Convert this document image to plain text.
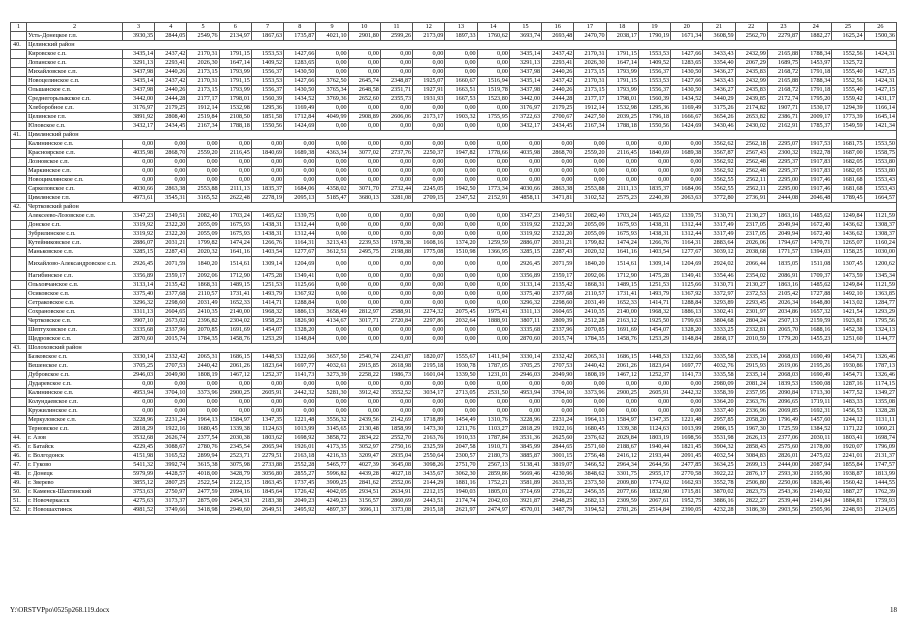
1	2	3	4	5	6	7	8	9	10	11	12	13	14	15	16	17	18	19	20	21	22	23	24	25	26
	Усть-Донецкое г.п.	3930,35	2844,05	2549,76	2134,97	1867,63	1735,87	4021,10	2901,80	2599,26	2173,09	1897,33	1760,62	3693,74	2693,48	2470,70	2038,17	1790,19	1671,34	3608,59	2562,70	2279,87	1882,27	1625,24	1500,36
40.	Целинский район																								
	Кировское с.п.	3435,14	2437,42	2170,31	1791,15	1553,53	1427,66	0,00	0,00	0,00	0,00	0,00	0,00	3435,14	2437,42	2170,31	1791,15	1553,53	1427,66	3433,43	2432,99	2165,88	1788,34	1552,56	1424,31
	Лопанское с.п.	3291,13	2293,41	2026,30	1647,14	1409,52	1283,65	0,00	0,00	0,00	0,00	0,00	0,00	3291,13	2293,41	2026,30	1647,14	1409,52	1283,65	3354,40	2067,29	1689,75	1453,97	1325,72	
	Михайловское с.п.	3437,98	2440,26	2173,15	1793,99	1556,37	1430,50	0,00	0,00	0,00	0,00	0,00	0,00	3437,98	2440,26	2173,15	1793,99	1556,37	1430,50	3436,27	2435,83	2168,72	1791,18	1555,40	1427,15
	Новоцелинское с.п.	3435,14	2437,42	2170,31	1791,15	1553,53	1427,66	3762,50	2645,74	2348,87	1925,07	1660,67	1516,94	3435,14	2437,42	2170,31	1791,15	1553,53	1427,66	3433,43	2432,99	2165,88	1788,34	1552,56	1424,31
	Ольшанское с.п.	3437,98	2440,26	2173,15	1793,99	1556,37	1430,50	3765,34	2648,58	2351,71	1927,91	1663,51	1519,78	3437,98	2440,26	2173,15	1793,99	1556,37	1430,50	3436,27	2435,83	2168,72	1791,18	1555,40	1427,15
	Среднегорьлыкское с.п.	3442,00	2444,28	2177,17	1798,01	1560,39	1434,52	3769,36	2652,60	2355,73	1931,93	1667,53	1523,80	3442,00	2444,28	2177,17	1798,01	1560,39	1434,52	3440,29	2439,85	2172,74	1795,20	1559,42	1431,17
	Хлеборобное с.п.	3176,97	2179,25	1912,14	1532,98	1295,36	1169,49	0,00	0,00	0,00	0,00	0,00	0,00	3176,97	2179,25	1912,14	1532,98	1295,36	1169,49	3175,26	2174,82	1907,71	1530,17	1294,39	1166,14
	Целинское г.п.	3891,92	2808,40	2519,84	2108,50	1851,58	1712,84	4049,99	2908,89	2606,06	2173,17	1903,32	1755,95	3722,63	2700,67	2427,50	2039,25	1796,18	1666,67	3654,26	2653,82	2386,71	2009,17	1773,39	1645,14
	Юловское с.п.	3432,17	2434,45	2167,34	1788,18	1550,56	1424,69	0,00	0,00	0,00	0,00	0,00	0,00	3432,17	2434,45	2167,34	1788,18	1550,56	1424,69	3430,46	2430,02	2162,91	1785,37	1549,59	1421,34
41.	Цимлянский район																								
	Калининское с.п.	0,00	0,00	0,00	0,00	0,00	0,00	0,00	0,00	0,00	0,00	0,00	0,00	0,00	0,00	0,00	0,00	0,00	0,00	3562,62	2562,18	2295,07	1917,53	1681,75	1553,50
	Красноярское с.п.	4035,98	2868,70	2559,20	2116,45	1840,69	1689,38	4363,34	3077,02	2737,76	2250,37	1947,82	1778,66	4035,98	2868,70	2559,20	2116,45	1840,69	1689,38	3567,87	2567,43	2300,32	1922,78	1687,00	1558,75
	Лозновское с.п.	0,00	0,00	0,00	0,00	0,00	0,00	0,00	0,00	0,00	0,00	0,00	0,00	0,00	0,00	0,00	0,00	0,00	0,00	3562,92	2562,48	2295,37	1917,83	1682,05	1553,80
	Маркинское с.п.	0,00	0,00	0,00	0,00	0,00	0,00	0,00	0,00	0,00	0,00	0,00	0,00	0,00	0,00	0,00	0,00	0,00	0,00	3562,92	2562,48	2295,37	1917,83	1682,05	1553,80
	Новоцимлянское с.п.	0,00	0,00	0,00	0,00	0,00	0,00	0,00	0,00	0,00	0,00	0,00	0,00	0,00	0,00	0,00	0,00	0,00	0,00	3562,55	2562,11	2295,00	1917,46	1681,68	1553,43
	Саркеловское с.п.	4030,66	2863,38	2553,88	2111,13	1835,37	1684,06	4358,02	3071,70	2732,44	2245,05	1942,50	1773,34	4030,66	2863,38	2553,88	2111,13	1835,37	1684,06	3562,55	2562,11	2295,00	1917,46	1681,68	1553,43
	Цимлянское г.п.	4973,61	3545,31	3165,52	2622,48	2278,19	2095,13	5185,47	3680,13	3281,08	2709,15	2347,52	2152,91	4858,11	3471,81	3102,52	2575,23	2240,39	2063,63	3772,80	2736,91	2444,08	2046,48	1789,45	1664,57
42.	Чертковский район																								
	Алексеево-Лозовское с.п.	3347,23	2349,51	2082,40	1703,24	1465,62	1339,75	0,00	0,00	0,00	0,00	0,00	0,00	3347,23	2349,51	2082,40	1703,24	1465,62	1339,75	3130,71	2130,27	1863,16	1485,62	1249,84	1121,59
	Донское с.п.	3319,92	2322,20	2055,09	1675,93	1438,31	1312,44	0,00	0,00	0,00	0,00	0,00	0,00	3319,92	2322,20	2055,09	1675,93	1438,31	1312,44	3317,49	2317,05	2049,94	1672,40	1436,62	1308,37
	Зубрилинское с.п.	3319,92	2322,20	2055,09	1675,93	1438,31	1312,44	0,00	0,00	0,00	0,00	0,00	0,00	3319,92	2322,20	2055,09	1675,93	1438,31	1312,44	3317,49	2317,05	2049,94	1672,40	1436,62	1308,37
	Кутейниковское с.п.	2886,07	2031,21	1799,82	1474,24	1266,76	1164,31	3213,43	2239,53	1978,38	1608,16	1374,20	1259,59	2886,07	2031,21	1799,82	1474,24	1266,76	1164,31	2883,64	2026,06	1794,67	1470,71	1265,07	1160,24
	Маньковское с.п.	3285,15	2287,43	2020,32	1641,16	1403,54	1277,67	3612,51	2495,75	2198,88	1775,08	1510,98	1366,95	3285,15	2287,43	2020,32	1641,16	1403,54	1277,67	3039,12	2038,68	1771,57	1394,03	1158,25	1030,00
	Михайлово-Александровское с.п.	2926,45	2071,59	1840,20	1514,61	1309,14	1204,69	0,00	0,00	0,00	0,00	0,00	0,00	2926,45	2071,59	1840,20	1514,61	1309,14	1204,69	2924,02	2066,44	1835,05	1511,08	1307,45	1200,62
	Нагибинское с.п.	3356,89	2359,17	2092,06	1712,90	1475,28	1349,41	0,00	0,00	0,00	0,00	0,00	0,00	3356,89	2359,17	2092,06	1712,90	1475,28	1349,41	3354,46	2354,02	2086,91	1709,37	1473,59	1345,34
	Ольховчанское с.п.	3133,14	2135,42	1868,31	1489,15	1251,53	1125,66	0,00	0,00	0,00	0,00	0,00	0,00	3133,14	2135,42	1868,31	1489,15	1251,53	1125,66	3130,71	2130,27	1863,16	1485,62	1249,84	1121,59
	Осиковское с.п.	3375,40	2377,68	2110,57	1731,41	1493,79	1367,92	0,00	0,00	0,00	0,00	0,00	0,00	3375,40	2377,68	2110,57	1731,41	1493,79	1367,92	3372,97	2372,53	2105,42	1727,88	1492,10	1363,85
	Сетраковское с.п.	3296,32	2298,60	2031,49	1652,33	1414,71	1288,84	0,00	0,00	0,00	0,00	0,00	0,00	3296,32	2298,60	2031,49	1652,33	1414,71	1288,84	3293,89	2293,45	2026,34	1648,80	1413,02	1284,77
	Сохрановское с.п.	3311,13	2604,65	2410,35	2140,00	1968,32	1886,13	3658,49	2812,97	2588,91	2274,32	2075,45	1975,41	3311,13	2604,65	2410,35	2140,00	1968,32	1886,13	3302,41	2301,97	2034,86	1657,32	1421,54	1293,29
	Чертковское с.п.	3907,10	2673,02	2396,82	2304,02	1958,23	1826,90	4134,67	3017,71	2720,84	2297,86	2032,64	1888,91	3807,11	2809,39	2512,28	2163,12	1925,50	1799,63	3804,68	2804,24	2507,13	2159,59	1923,81	1795,56
	Шептуховское с.п.	3335,68	2337,96	2070,85	1691,69	1454,07	1328,20	0,00	0,00	0,00	0,00	0,00	0,00	3335,68	2337,96	2070,85	1691,69	1454,07	1328,20	3333,25	2332,81	2065,70	1688,16	1452,38	1324,13
	Щедровское с.п.	2870,60	2015,74	1784,35	1458,76	1253,29	1148,84	0,00	0,00	0,00	0,00	0,00	0,00	2870,60	2015,74	1784,35	1458,76	1253,29	1148,84	2868,17	2010,59	1779,20	1455,23	1251,60	1144,77
43.	Шолоховский район																								
	Базковское с.п.	3330,14	2332,42	2065,31	1686,15	1448,53	1322,66	3657,50	2540,74	2243,87	1820,07	1555,67	1411,94	3330,14	2332,42	2065,31	1686,15	1448,53	1322,66	3335,58	2335,14	2068,03	1690,49	1454,71	1326,46
	Вешенское с.п.	3705,25	2707,53	2440,42	2061,26	1823,64	1697,77	4032,61	2915,85	2618,98	2195,18	1930,78	1787,05	3705,25	2707,53	2440,42	2061,26	1823,64	1697,77	4032,76	2915,93	2619,06	2195,26	1930,86	1787,13
	Дубровское с.п.	2946,03	2049,90	1808,19	1467,12	1252,37	1141,73	3273,39	2258,22	1986,73	1601,04	1339,50	1231,01	2946,03	2049,90	1808,19	1467,12	1252,37	1141,73	3335,58	2335,14	2068,03	1690,49	1454,71	1326,46
	Дударевское с.п.	0,00	0,00	0,00	0,00	0,00	0,00	0,00	0,00	0,00	0,00	0,00	0,00	0,00	0,00	0,00	0,00	0,00	0,00	2980,09	2081,24	1839,53	1500,08	1287,16	1174,15
	Калининское с.п.	4953,94	3704,10	3373,96	2900,25	2605,91	2442,32	5281,30	3912,42	3552,52	3034,17	2713,05	2531,50	4953,94	3704,10	3373,96	2900,25	2605,91	2442,32	3358,39	2357,95	2090,84	1713,30	1477,52	1349,27
	Колундаевское с.п.	0,00	0,00	0,00	0,00	0,00	0,00	0,00	0,00	0,00	0,00	0,00	0,00	0,00	0,00	0,00	0,00	0,00	0,00	3364,20	2363,76	2096,65	1719,11	1483,33	1355,08
	Кружилинское с.п.	0,00	0,00	0,00	0,00	0,00	0,00	0,00	0,00	0,00	0,00	0,00	0,00	0,00	0,00	0,00	0,00	0,00	0,00	3337,40	2336,96	2069,85	1692,31	1456,53	1328,28
	Меркуловское с.п.	3228,96	2231,24	1964,13	1584,97	1347,35	1221,48	3556,32	2439,56	2142,69	1718,89	1454,49	1310,76	3228,96	2231,24	1964,13	1584,97	1347,35	1221,48	2957,85	2058,20	1796,49	1457,60	1244,12	1131,11
	Терновское с.п.	2818,29	1922,16	1680,45	1339,38	1124,63	1013,99	3145,65	2130,48	1858,99	1473,30	1211,76	1103,27	2818,29	1922,16	1680,45	1339,38	1124,63	1013,99	2986,15	1967,30	1725,59	1384,52	1171,22	1060,21
44.	г. Азов	3532,68	2626,74	2377,54	2030,38	1803,62	1698,92	3858,72	2834,22	2552,70	2163,76	1910,33	1787,84	3531,36	2625,60	2376,62	2029,84	1803,19	1698,56	3531,98	2626,13	2377,06	2030,11	1803,41	1698,74
45.	г. Батайск	4229,45	3088,67	2780,76	2345,54	2065,94	1926,01	4173,35	3052,97	2750,16	2325,59	2047,58	1910,71	3845,99	2844,65	2571,60	2188,67	1940,44	1821,45	3904,32	2858,43	2575,60	2178,00	1920,07	1796,09
46.	г. Волгодонск	4151,98	3165,52	2899,94	2523,71	2279,51	2163,18	4216,33	3209,47	2935,04	2550,64	2300,57	2180,73	3885,87	3001,15	2756,48	2416,12	2193,44	2091,45	4032,54	3084,83	2826,01	2475,02	2241,01	2131,37
47.	г. Гуково	5411,32	3992,74	3615,38	3075,98	2733,88	2552,28	5465,77	4027,39	3645,08	3098,26	2751,70	2567,13	5138,41	3819,07	3466,52	2964,34	2644,56	2477,85	3634,25	2699,13	2444,00	2087,94	1855,84	1747,57
48.	г. Донецк	5979,99	4428,57	4018,00	3428,79	3056,80	2855,27	5996,82	4439,28	4027,18	3435,67	3062,30	2859,86	5669,46	4230,96	3848,62	3301,75	2955,17	2770,58	3922,22	2876,17	2593,30	2195,90	1938,87	1813,99
49.	г. Зверево	3855,12	2807,25	2522,54	2122,15	1863,45	1737,45	3909,25	2841,62	2552,06	2144,29	1881,16	1752,21	3581,89	2633,35	2373,50	2009,80	1774,02	1662,93	3552,78	2506,80	2250,06	1826,46	1560,42	1444,55
50.	г. Каменск-Шахтинский	3753,63	2750,97	2477,59	2094,16	1845,64	1726,42	4042,05	2934,51	2634,91	2212,15	1940,03	1805,01	3714,69	2726,22	2456,35	2077,66	1832,90	1715,81	3870,02	2823,73	2543,36	2140,92	1887,27	1762,39
51.	г. Новочеркасск	4275,63	3173,37	2875,09	2454,31	2183,38	2049,23	4249,23	3156,57	2860,69	2443,51	2174,74	2042,03	3921,87	2948,25	2682,13	2309,59	2067,61	1952,75	3886,16	2822,27	2539,44	2141,84	1884,81	1759,93
52.	г. Новошахтинск	4981,52	3749,66	3418,98	2949,60	2649,51	2495,92	4897,37	3696,11	3373,08	2915,18	2621,97	2474,97	4570,01	3487,79	3194,52	2781,26	2514,84	2390,05	4232,28	3186,39	2903,56	2505,96	2248,93	2124,05
Y:\ORSTVPpo\0525p268.119.docx	18
